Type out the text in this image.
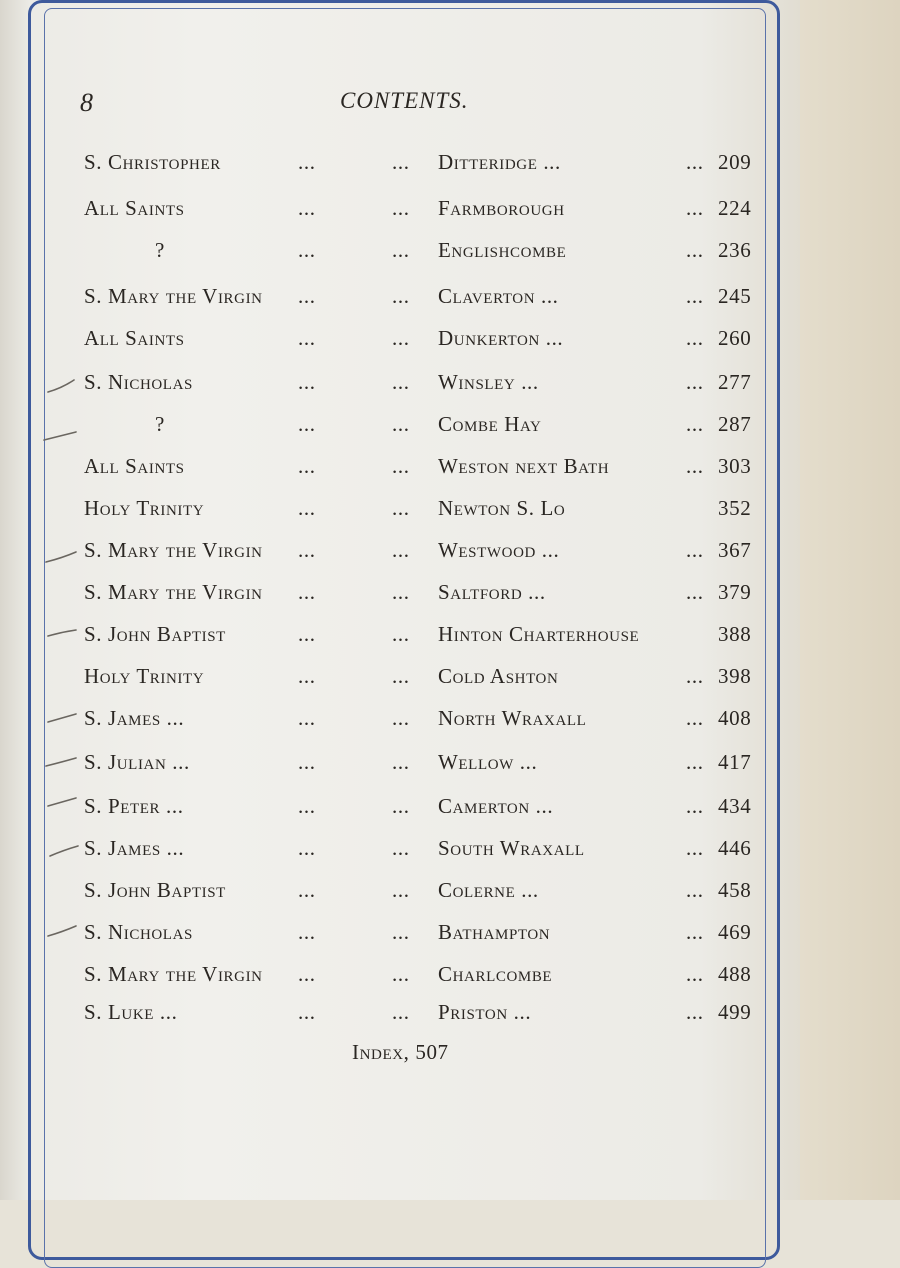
8	CONTENTS.
S. Christopher	...	... Ditteridge ...	... 209
All Saints	...	... Farmborough	... 224
?	...	... Englishcombe	... 236
S. Mary the Virgin ...	... Claverton ...	... 245
All Saints	...	... Dunkerton ...	... 260
S. Nicholas	...	... Winsley ...	... 277
?	...	... Combe Hay	... 287
All Saints	...	... Weston next Bath	... 303
Holy Trinity	...	... Newton S. Lo	352
S. Mary the Virgin ...	... Westwood ...	... 367
S. Mary the Virgin ...	... Saltford ...	... 379
S. John Baptist	...	... Hinton Charterhouse	388
Holy Trinity	...	... Cold Ashton	... 398
S. James ...	...	... North Wraxall	... 408
S. Julian ...	...	... Wellow ...	... 417
S. Peter ...	...	... Camerton ...	... 434
S. James ...	...	... South Wraxall	... 446
S. John Baptist	...	... Colerne ...	... 458
S. Nicholas	...	... Bathampton	... 469
S. Mary the Virgin ...	... Charlcombe	... 488
S. Luke ...	...	... Priston ...	... 499
Index, 507
